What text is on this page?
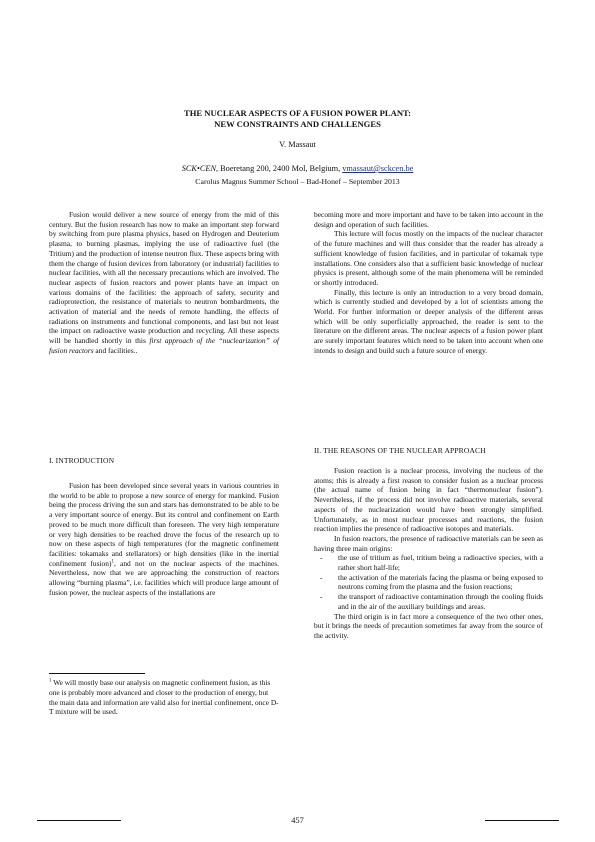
THE NUCLEAR ASPECTS OF A FUSION POWER PLANT:
NEW CONSTRAINTS AND CHALLENGES
V. Massaut
SCK•CEN, Boeretang 200, 2400 Mol, Belgium, vmassaut@sckcen.be
Carolus Magnus Summer School – Bad-Honef – September 2013

Fusion would deliver a new source of energy from the mid of this century. But the fusion research has now to make an important step forward by switching from pure plasma physics, based on Hydrogen and Deuterium plasma, to burning plasmas, implying the use of radioactive fuel (the Tritium) and the production of intense neutron flux. These aspects bring with them the change of fusion devices from laboratory (or industrial) facilities to nuclear facilities, with all the necessary precautions which are involved. The nuclear aspects of fusion reactors and power plants have an impact on various domains of the facilities: the approach of safety, security and radioprotection, the resistance of materials to neutron bombardments, the activation of material and the needs of remote handling, the effects of radiations on instruments and functional components, and last but not least the impact on radioactive waste production and recycling. All these aspects will be handled shortly in this first approach of the “nuclearization” of fusion reactors and facilities..

I. INTRODUCTION

Fusion has been developed since several years in various countries in the world to be able to propose a new source of energy for mankind. Fusion being the process driving the sun and stars has demonstrated to be able to be a very important source of energy. But its control and confinement on Earth proved to be much more difficult than foreseen. The very high temperature or very high densities to be reached drove the focus of the research up to now on these aspects of high temperatures (for the magnetic confinement facilities: tokamaks and stellarators) or high densities (like in the inertial confinement fusion)$^1$, and not on the nuclear aspects of the machines. Nevertheless, now that we are approaching the construction of reactors allowing “burning plasma”, i.e. facilities which will produce large amount of fusion power, the nuclear aspects of the installations are

$^1$ We will mostly base our analysis on magnetic confinement fusion, as this one is probably more advanced and closer to the production of energy, but the main data and information are valid also for inertial confinement, once D-T mixture will be used.

becoming more and more important and have to be taken into account in the design and operation of such facilities.

This lecture will focus mostly on the impacts of the nuclear character of the future machines and will thus consider that the reader has already a sufficient knowledge of fusion facilities, and in particular of tokamak type installations. One considers also that a sufficient basic knowledge of nuclear physics is present, although some of the main phenomena will be reminded or shortly introduced.

Finally, this lecture is only an introduction to a very broad domain, which is currently studied and developed by a lot of scientists among the World. For further information or deeper analysis of the different areas which will be only superficially approached, the reader is sent to the literature on the different areas. The nuclear aspects of a fusion power plant are surely important features which need to be taken into account when one intends to design and build such a future source of energy.

II. THE REASONS OF THE NUCLEAR APPROACH

Fusion reaction is a nuclear process, involving the nucleus of the atoms; this is already a first reason to consider fusion as a nuclear process (the actual name of fusion being in fact “thermonuclear fusion”). Nevertheless, if the process did not involve radioactive materials, several aspects of the nuclearization would have been strongly simplified. Unfortunately, as in most nuclear processes and reactions, the fusion reaction implies the presence of radioactive isotopes and materials.

In fusion reactors, the presence of radioactive materials can be seen as having three main origins:

- the use of tritium as fuel, tritium being a radioactive species, with a rather short half-life;
- the activation of the materials facing the plasma or being exposed to neutrons coming from the plasma and the fusion reactions;
- the transport of radioactive contamination through the cooling fluids and in the air of the auxiliary buildings and areas.

The third origin is in fact more a consequence of the two other ones, but it brings the needs of precaution sometimes far away from the source of the activity.

457
